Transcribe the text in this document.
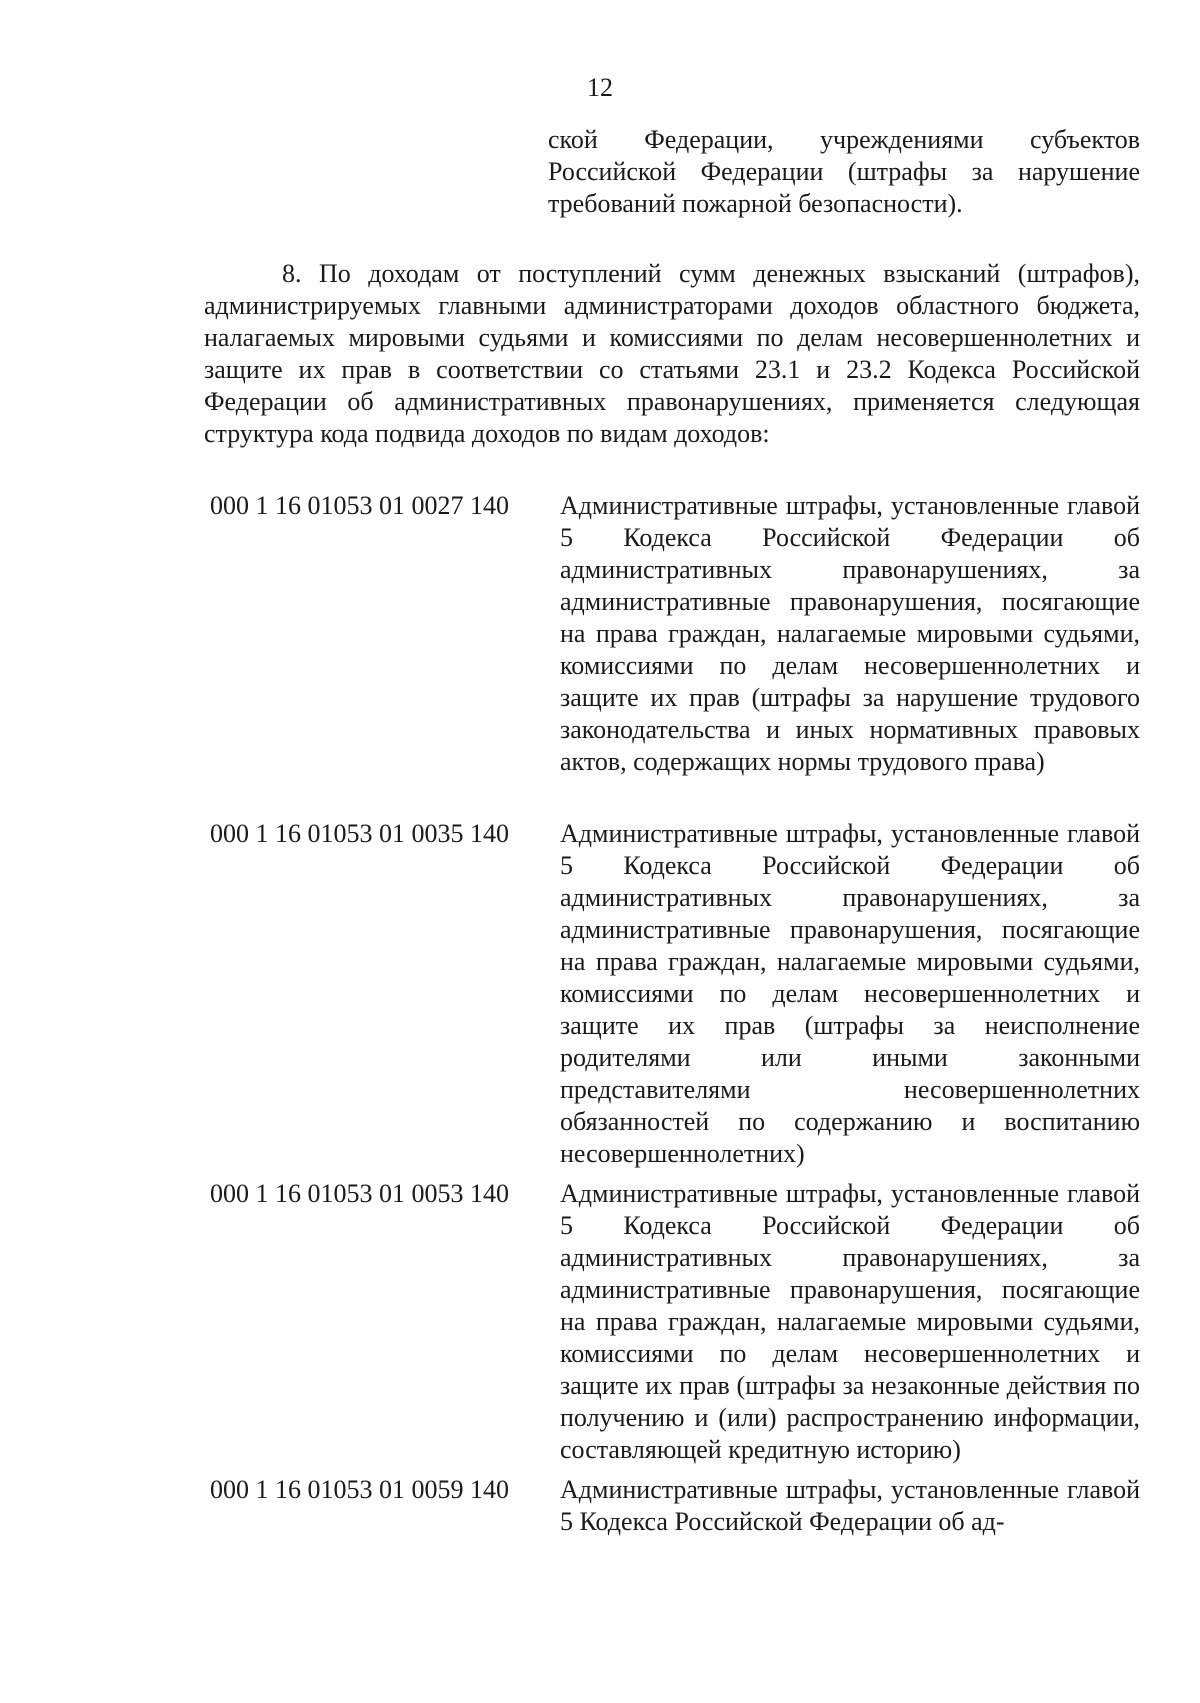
12
ской Федерации, учреждениями субъектов Российской Федерации (штрафы за нарушение требований пожарной безопасности).
8. По доходам от поступлений сумм денежных взысканий (штрафов), администрируемых главными администраторами доходов областного бюджета, налагаемых мировыми судьями и комиссиями по делам несовершеннолетних и защите их прав в соответствии со статьями 23.1 и 23.2 Кодекса Российской Федерации об административных правонарушениях, применяется следующая структура кода подвида доходов по видам доходов:
000 1 16 01053 01 0027 140	Административные штрафы, установленные главой 5 Кодекса Российской Федерации об административных правонарушениях, за административные правонарушения, посягающие на права граждан, налагаемые мировыми судьями, комиссиями по делам несовершеннолетних и защите их прав (штрафы за нарушение трудового законодательства и иных нормативных правовых актов, содержащих нормы трудового права)
000 1 16 01053 01 0035 140	Административные штрафы, установленные главой 5 Кодекса Российской Федерации об административных правонарушениях, за административные правонарушения, посягающие на права граждан, налагаемые мировыми судьями, комиссиями по делам несовершеннолетних и защите их прав (штрафы за неисполнение родителями или иными законными представителями несовершеннолетних обязанностей по содержанию и воспитанию несовершеннолетних)
000 1 16 01053 01 0053 140	Административные штрафы, установленные главой 5 Кодекса Российской Федерации об административных правонарушениях, за административные правонарушения, посягающие на права граждан, налагаемые мировыми судьями, комиссиями по делам несовершеннолетних и защите их прав (штрафы за незаконные действия по получению и (или) распространению информации, составляющей кредитную историю)
000 1 16 01053 01 0059 140	Административные штрафы, установленные главой 5 Кодекса Российской Федерации об ад-
